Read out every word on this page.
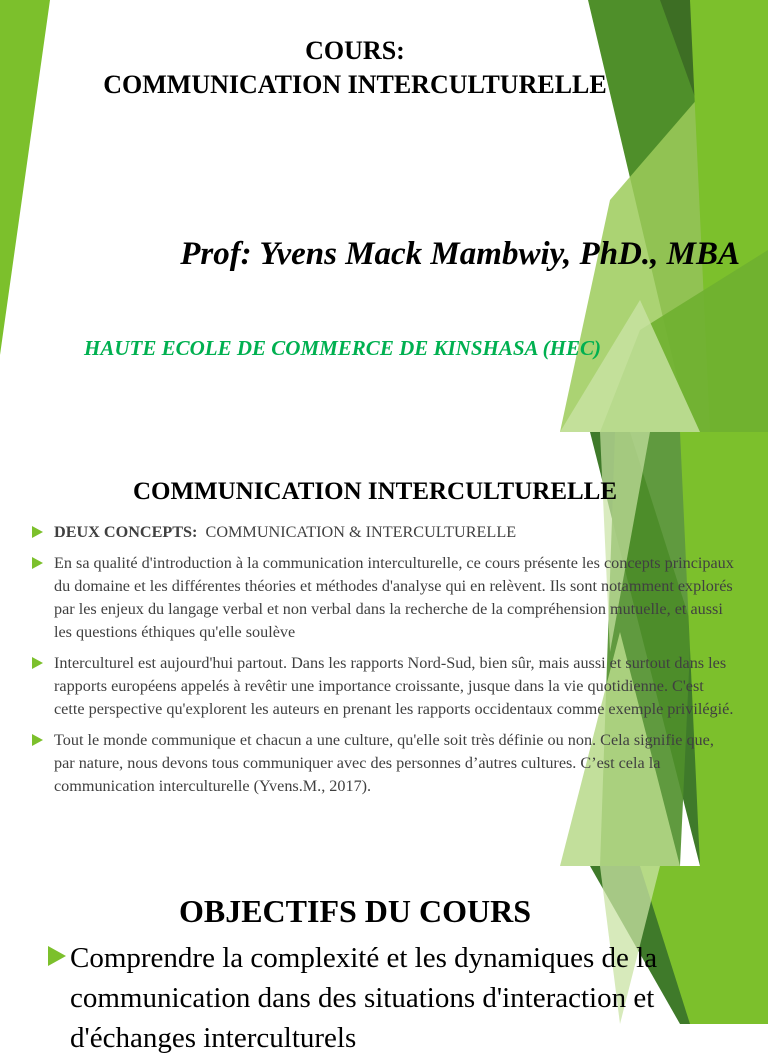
COURS:
COMMUNICATION INTERCULTURELLE
Prof: Yvens Mack Mambwiy, PhD., MBA
HAUTE ECOLE DE COMMERCE DE KINSHASA (HEC)
COMMUNICATION INTERCULTURELLE
DEUX CONCEPTS: COMMUNICATION & INTERCULTURELLE
En sa qualité d'introduction à la communication interculturelle, ce cours présente les concepts principaux du domaine et les différentes théories et méthodes d'analyse qui en relèvent. Ils sont notamment explorés par les enjeux du langage verbal et non verbal dans la recherche de la compréhension mutuelle, et aussi les questions éthiques qu'elle soulève
Interculturel est aujourd'hui partout. Dans les rapports Nord-Sud, bien sûr, mais aussi et surtout dans les rapports européens appelés à revêtir une importance croissante, jusque dans la vie quotidienne. C'est cette perspective qu'explorent les auteurs en prenant les rapports occidentaux comme exemple privilégié.
Tout le monde communique et chacun a une culture, qu'elle soit très définie ou non. Cela signifie que, par nature, nous devons tous communiquer avec des personnes d’autres cultures. C’est cela la communication interculturelle (Yvens.M., 2017).
OBJECTIFS DU COURS
Comprendre la complexité et les dynamiques de la communication dans des situations d'interaction et d'échanges interculturels
